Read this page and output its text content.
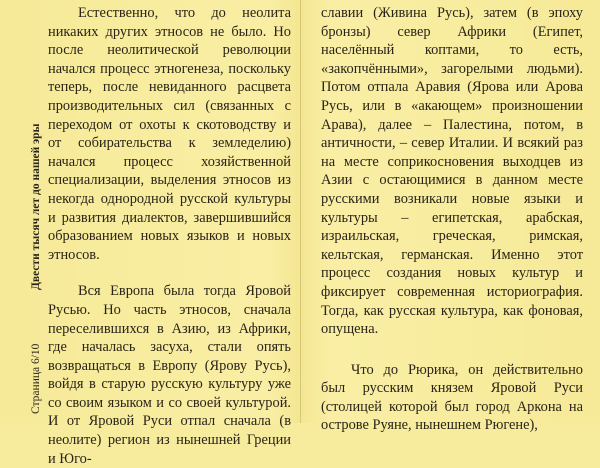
Двести тысяч лет до нашей эры
Страница 6/10

Естественно, что до неолита никаких других этносов не было. Но после неолитической революции начался процесс этногенеза, поскольку теперь, после невиданного расцвета производительных сил (связанных с переходом от охоты к скотоводству и от собирательства к земледелию) начался процесс хозяйственной специализации, выделения этносов из некогда однородной русской культуры и развития диалектов, завершившийся образованием новых языков и новых этносов.

Вся Европа была тогда Яровой Русью. Но часть этносов, сначала переселившихся в Азию, из Африки, где началась засуха, стали опять возвращаться в Европу (Ярову Русь), войдя в старую русскую культуру уже со своим языком и со своей культурой. И от Яровой Руси отпал сначала (в неолите) регион из нынешней Греции и Юго-

славии (Живина Русь), затем (в эпоху бронзы) север Африки (Египет, населённый коптами, то есть, «закопчёнными», загорелыми людьми). Потом отпала Аравия (Ярова или Арова Русь, или в «акающем» произношении Арава), далее – Палестина, потом, в античности, – север Италии. И всякий раз на месте соприкосновения выходцев из Азии с остающимися в данном месте русскими возникали новые языки и культуры – египетская, арабская, израильская, греческая, римская, кельтская, германская. Именно этот процесс создания новых культур и фиксирует современная историография. Тогда, как русская культура, как фоновая, опущена.

Что до Рюрика, он действительно был русским князем Яровой Руси (столицей которой был город Аркона на острове Руяне, нынешнем Рюгене),
